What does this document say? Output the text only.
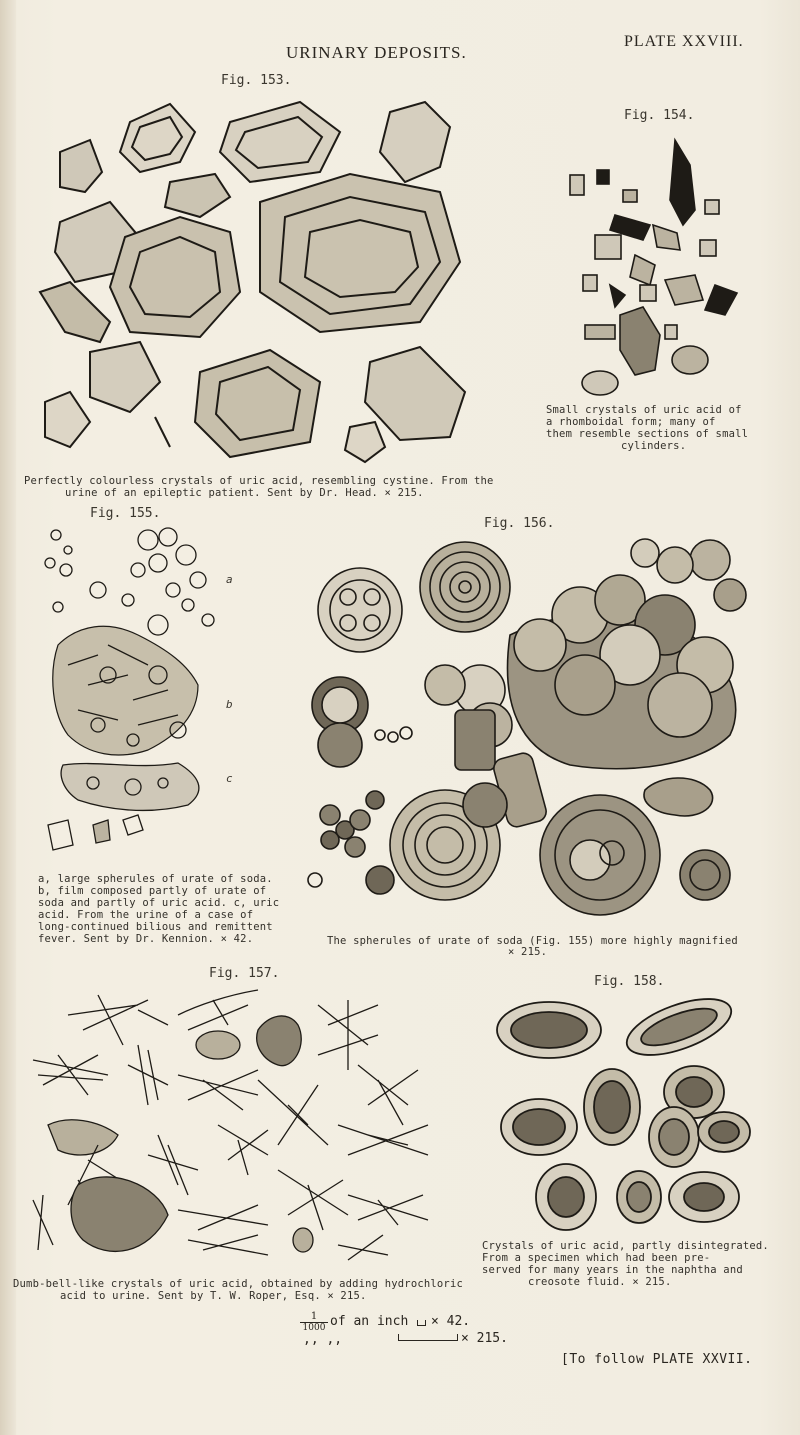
URINARY DEPOSITS.
PLATE XXVIII.
Fig. 153.
Perfectly colourless crystals of uric acid, resembling cystine. From the
urine of an epileptic patient. Sent by Dr. Head. × 215.
Fig. 154.
Small crystals of uric acid of
a rhomboidal form; many of
them resemble sections of small
cylinders.
Fig. 155.
a
b
c
a, large spherules of urate of soda.
b, film composed partly of urate of
soda and partly of uric acid. c, uric
acid. From the urine of a case of
long-continued bilious and remittent
fever. Sent by Dr. Kennion. × 42.
Fig. 156.
The spherules of urate of soda (Fig. 155) more highly magnified
× 215.
Fig. 157.
Dumb-bell-like crystals of uric acid, obtained by adding hydrochloric
acid to urine. Sent by T. W. Roper, Esq. × 215.
Fig. 158.
Crystals of uric acid, partly disintegrated.
From a specimen which had been pre-
served for many years in the naphtha and
creosote fluid. × 215.
$\frac{1}{1000}$ of an inch × 42.
,, ,,	× 215.
[To follow PLATE XXVII.
